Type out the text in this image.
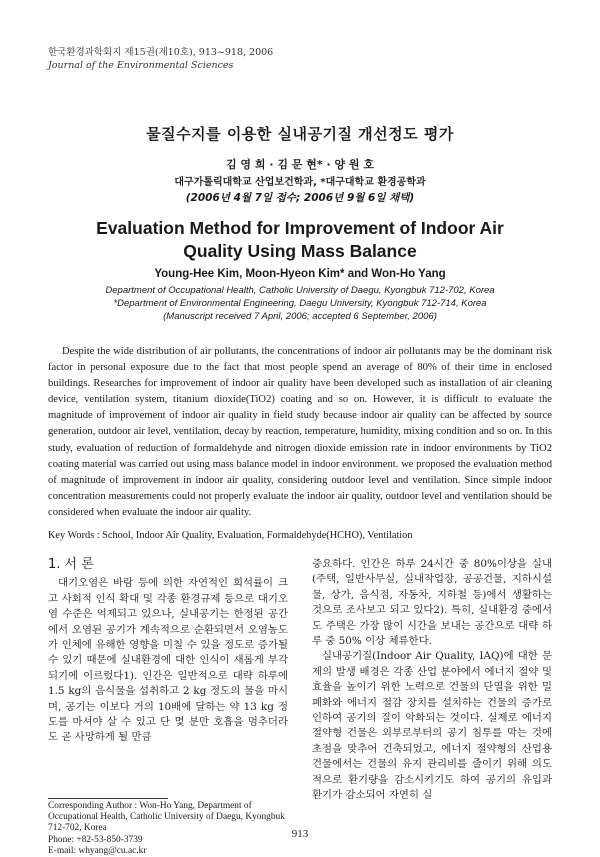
한국환경과학회지 제15권(제10호), 913~918, 2006
Journal of the Environmental Sciences
물질수지를 이용한 실내공기질 개선정도 평가
김 영 희 · 김 문 현* · 양 원 호
대구가톨릭대학교 산업보건학과, *대구대학교 환경공학과
(2006년 4월 7일 접수; 2006년 9월 6일 채택)
Evaluation Method for Improvement of Indoor Air
Quality Using Mass Balance
Young-Hee Kim, Moon-Hyeon Kim* and Won-Ho Yang
Department of Occupational Health, Catholic University of Daegu, Kyongbuk 712-702, Korea
*Department of Environmental Engineering, Daegu University, Kyongbuk 712-714, Korea
(Manuscript received 7 April, 2006; accepted 6 September, 2006)

Despite the wide distribution of air pollutants, the concentrations of indoor air pollutants may be the dominant risk factor in personal exposure due to the fact that most people spend an average of 80% of their time in enclosed buildings. Researches for improvement of indoor air quality have been developed such as installation of air cleaning device, ventilation system, titanium dioxide(TiO2) coating and so on. However, it is difficult to evaluate the magnitude of improvement of indoor air quality in field study because indoor air quality can be affected by source generation, outdoor air level, ventilation, decay by reaction, temperature, humidity, mixing condition and so on. In this study, evaluation of reduction of formaldehyde and nitrogen dioxide emission rate in indoor environments by TiO2 coating material was carried out using mass balance model in indoor environment. we proposed the evaluation method of magnitude of improvement in indoor air quality, considering outdoor level and ventilation. Since simple indoor concentration measurements could not properly evaluate the indoor air quality, outdoor level and ventilation should be considered when evaluate the indoor air quality.

Key Words : School, Indoor Air Quality, Evaluation, Formaldehyde(HCHO), Ventilation
1. 서 론

대기오염은 바람 등에 의한 자연적인 희석률이 크고 사회적 인식 확대 및 각종 환경규제 등으로 대기오염 수준은 억제되고 있으나, 실내공기는 한정된 공간에서 오염된 공기가 계속적으로 순환되면서 오염농도가 인체에 유해한 영향을 미칠 수 있을 정도로 증가될 수 있기 때문에 실내환경에 대한 인식이 새롭게 부각되기에 이르렀다1). 인간은 일반적으로 대략 하루에 1.5 kg의 음식물을 섭취하고 2 kg 정도의 물을 마시며, 공기는 이보다 거의 10배에 달하는 약 13 kg 정도를 마셔야 살 수 있고 단 몇 분만 호흡을 멈추더라도 곧 사망하게 될 만큼

중요하다. 인간은 하루 24시간 중 80%이상을 실내(주택, 일반사무실, 실내작업장, 공공건물, 지하시설물, 상가, 음식점, 자동차, 지하철 등)에서 생활하는 것으로 조사보고 되고 있다2). 특히, 실내환경 중에서도 주택은 가장 많이 시간을 보내는 공간으로 대략 하루 중 50% 이상 체류한다.

실내공기질(Indoor Air Quality, IAQ)에 대한 문제의 발생 배경은 각종 산업 분야에서 에너지 절약 및 효율을 높이기 위한 노력으로 건물의 단열을 위한 밀폐화와 에너지 절감 장치를 설치하는 건물의 증가로 인하여 공기의 질이 악화되는 것이다. 실제로 에너지 절약형 건물은 외부로부터의 공기 침투를 막는 것에 초점을 맞추어 건축되었고, 에너지 절약형의 산업용 건물에서는 건물의 유지 관리비를 줄이기 위해 의도적으로 환기량을 감소시키기도 하여 공기의 유입과 환기가 감소되어 자연히 실

Corresponding Author : Won-Ho Yang, Department of Occupational Health, Catholic University of Daegu, Kyongbuk 712-702, Korea
Phone: +82-53-850-3739
E-mail: whyang@cu.ac.kr
913
